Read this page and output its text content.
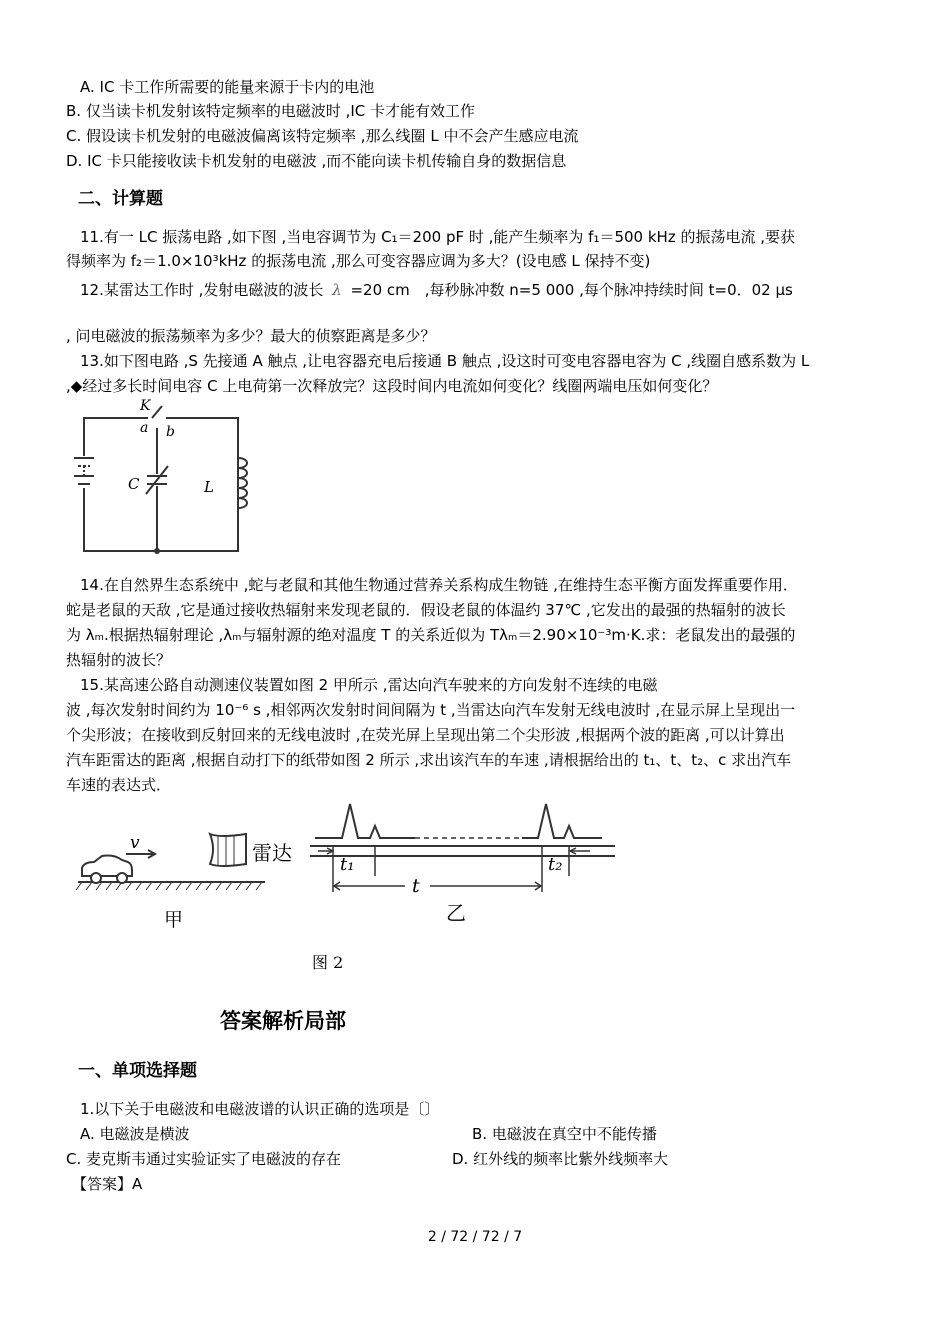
A. IC 卡工作所需要的能量来源于卡内的电池
B. 仅当读卡机发射该特定频率的电磁波时 ,IC 卡才能有效工作
C. 假设读卡机发射的电磁波偏离该特定频率 ,那么线圈 L 中不会产生感应电流
D. IC 卡只能接收读卡机发射的电磁波 ,而不能向读卡机传输自身的数据信息
二、计算题
11.有一 LC 振荡电路 ,如下图 ,当电容调节为 C₁＝200 pF 时 ,能产生频率为 f₁＝500 kHz 的振荡电流 ,要获
得频率为 f₂＝1.0×10³kHz 的振荡电流 ,那么可变容器应调为多大？(设电感 L 保持不变)
12.某雷达工作时 ,发射电磁波的波长 λ =20 cm　,每秒脉冲数 n=5 000 ,每个脉冲持续时间 t=0．02 μs
, 问电磁波的振荡频率为多少？最大的侦察距离是多少？
13.如下图电路 ,S 先接通 A 触点 ,让电容器充电后接通 B 触点 ,设这时可变电容器电容为 C ,线圈自感系数为 L
,◆经过多长时间电容 C 上电荷第一次释放完？这段时间内电流如何变化？线圈两端电压如何变化？
K
a b
C	L
14.在自然界生态系统中 ,蛇与老鼠和其他生物通过营养关系构成生物链 ,在维持生态平衡方面发挥重要作用．
蛇是老鼠的天敌 ,它是通过接收热辐射来发现老鼠的．假设老鼠的体温约 37℃ ,它发出的最强的热辐射的波长
为 λₘ.根据热辐射理论 ,λₘ与辐射源的绝对温度 T 的关系近似为 Tλₘ＝2.90×10⁻³m·K.求：老鼠发出的最强的
热辐射的波长？
15.某高速公路自动测速仪装置如图 2 甲所示 ,雷达向汽车驶来的方向发射不连续的电磁
波 ,每次发射时间约为 10⁻⁶ s ,相邻两次发射时间间隔为 t ,当雷达向汽车发射无线电波时 ,在显示屏上呈现出一
个尖形波；在接收到反射回来的无线电波时 ,在荧光屏上呈现出第二个尖形波 ,根据两个波的距离 ,可以计算出
汽车距雷达的距离 ,根据自动打下的纸带如图 2 所示 ,求出该汽车的车速 ,请根据给出的 t₁、t、t₂、c 求出汽车
车速的表达式．
v	雷达
甲
t₁
t
t₂
乙
图 2
答案解析局部
一、单项选择题
1.以下关于电磁波和电磁波谱的认识正确的选项是〔〕
A. 电磁波是横波	B. 电磁波在真空中不能传播
C. 麦克斯韦通过实验证实了电磁波的存在	D. 红外线的频率比紫外线频率大
【答案】A
2 / 72 / 72 / 7
